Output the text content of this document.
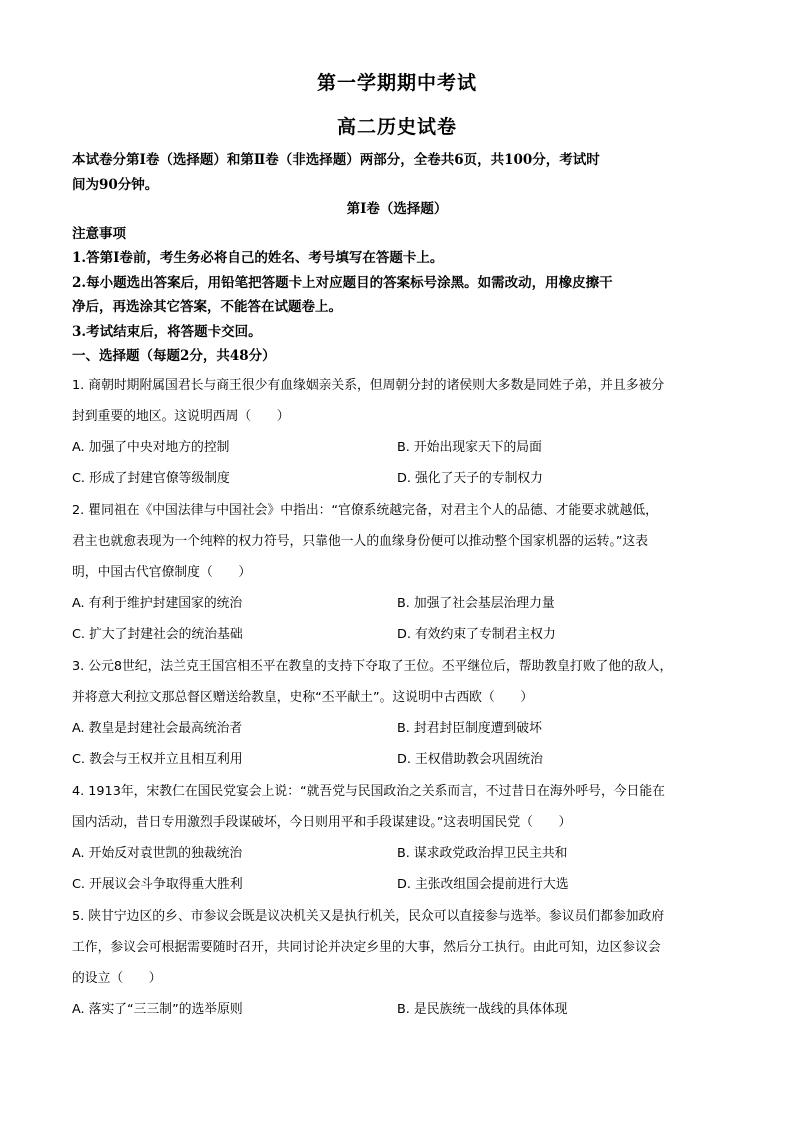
第一学期期中考试
高二历史试卷
本试卷分第Ⅰ卷（选择题）和第Ⅱ卷（非选择题）两部分，全卷共6页，共100分，考试时
间为90分钟。
第Ⅰ卷（选择题）
注意事项
1.答第Ⅰ卷前，考生务必将自己的姓名、考号填写在答题卡上。
2.每小题选出答案后，用铅笔把答题卡上对应题目的答案标号涂黑。如需改动，用橡皮擦干
净后，再选涂其它答案，不能答在试题卷上。
3.考试结束后，将答题卡交回。
一、选择题（每题2分，共48分）
1. 商朝时期附属国君长与商王很少有血缘姻亲关系，但周朝分封的诸侯则大多数是同姓子弟，并且多被分
封到重要的地区。这说明西周（　　）
A. 加强了中央对地方的控制	B. 开始出现家天下的局面
C. 形成了封建官僚等级制度	D. 强化了天子的专制权力
2. 瞿同祖在《中国法律与中国社会》中指出：“官僚系统越完备，对君主个人的品德、才能要求就越低，
君主也就愈表现为一个纯粹的权力符号，只靠他一人的血缘身份便可以推动整个国家机器的运转。”这表
明，中国古代官僚制度（　　）
A. 有利于维护封建国家的统治	B. 加强了社会基层治理力量
C. 扩大了封建社会的统治基础	D. 有效约束了专制君主权力
3. 公元8世纪，法兰克王国宫相丕平在教皇的支持下夺取了王位。丕平继位后，帮助教皇打败了他的敌人，
并将意大利拉文那总督区赠送给教皇，史称“丕平献土”。这说明中古西欧（　　）
A. 教皇是封建社会最高统治者	B. 封君封臣制度遭到破坏
C. 教会与王权并立且相互利用	D. 王权借助教会巩固统治
4. 1913年，宋教仁在国民党宴会上说：“就吾党与民国政治之关系而言，不过昔日在海外呼号，今日能在
国内活动，昔日专用激烈手段谋破坏，今日则用平和手段谋建设。”这表明国民党（　　）
A. 开始反对袁世凯的独裁统治	B. 谋求政党政治捍卫民主共和
C. 开展议会斗争取得重大胜利	D. 主张改组国会提前进行大选
5. 陕甘宁边区的乡、市参议会既是议决机关又是执行机关，民众可以直接参与选举。参议员们都参加政府
工作，参议会可根据需要随时召开，共同讨论并决定乡里的大事，然后分工执行。由此可知，边区参议会
的设立（　　）
A. 落实了“三三制”的选举原则	B. 是民族统一战线的具体体现
